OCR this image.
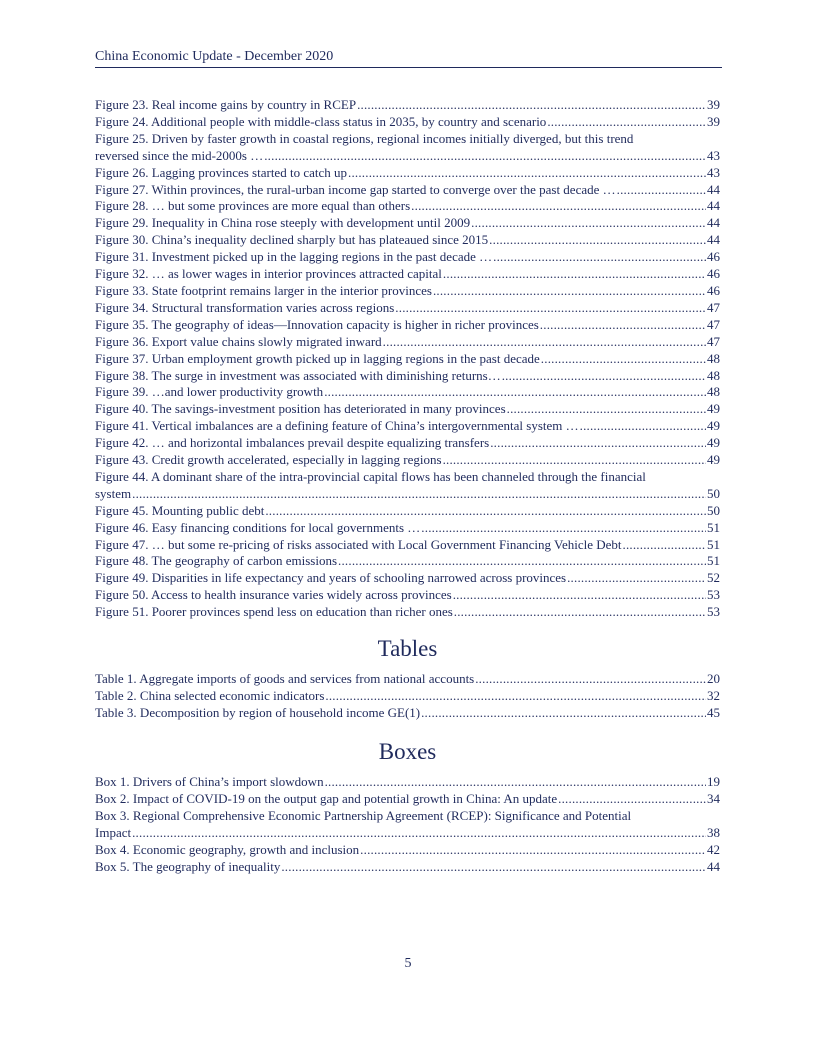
China Economic Update - December 2020
Figure 23. Real income gains by country in RCEP .....	39
Figure 24. Additional people with middle-class status in 2035, by country and scenario .....	39
Figure 25. Driven by faster growth in coastal regions, regional incomes initially diverged, but this trend
reversed since the mid-2000s … .....	43
Figure 26. Lagging provinces started to catch up .....	43
Figure 27. Within provinces, the rural-urban income gap started to converge over the past decade … .....	44
Figure 28. … but some provinces are more equal than others .....	44
Figure 29. Inequality in China rose steeply with development until 2009 .....	44
Figure 30. China’s inequality declined sharply but has plateaued since 2015 .....	44
Figure 31. Investment picked up in the lagging regions in the past decade … .....	46
Figure 32. … as lower wages in interior provinces attracted capital .....	46
Figure 33. State footprint remains larger in the interior provinces .....	46
Figure 34. Structural transformation varies across regions .....	47
Figure 35. The geography of ideas—Innovation capacity is higher in richer provinces .....	47
Figure 36. Export value chains slowly migrated inward .....	47
Figure 37. Urban employment growth picked up in lagging regions in the past decade .....	48
Figure 38. The surge in investment was associated with diminishing returns… .....	48
Figure 39. …and lower productivity growth .....	48
Figure 40. The savings-investment position has deteriorated in many provinces .....	49
Figure 41. Vertical imbalances are a defining feature of China’s intergovernmental system … .....	49
Figure 42. … and horizontal imbalances prevail despite equalizing transfers .....	49
Figure 43. Credit growth accelerated, especially in lagging regions .....	49
Figure 44. A dominant share of the intra-provincial capital flows has been channeled through the financial
system .....	50
Figure 45. Mounting public debt .....	50
Figure 46. Easy financing conditions for local governments … .....	51
Figure 47. … but some re-pricing of risks associated with Local Government Financing Vehicle Debt .....	51
Figure 48. The geography of carbon emissions .....	51
Figure 49. Disparities in life expectancy and years of schooling narrowed across provinces .....	52
Figure 50. Access to health insurance varies widely across provinces .....	53
Figure 51. Poorer provinces spend less on education than richer ones .....	53
Tables
Table 1. Aggregate imports of goods and services from national accounts .....	20
Table 2. China selected economic indicators .....	32
Table 3. Decomposition by region of household income GE(1) .....	45
Boxes
Box 1. Drivers of China’s import slowdown .....	19
Box 2. Impact of COVID-19 on the output gap and potential growth in China: An update .....	34
Box 3. Regional Comprehensive Economic Partnership Agreement (RCEP): Significance and Potential
Impact .....	38
Box 4. Economic geography, growth and inclusion .....	42
Box 5. The geography of inequality .....	44
5
